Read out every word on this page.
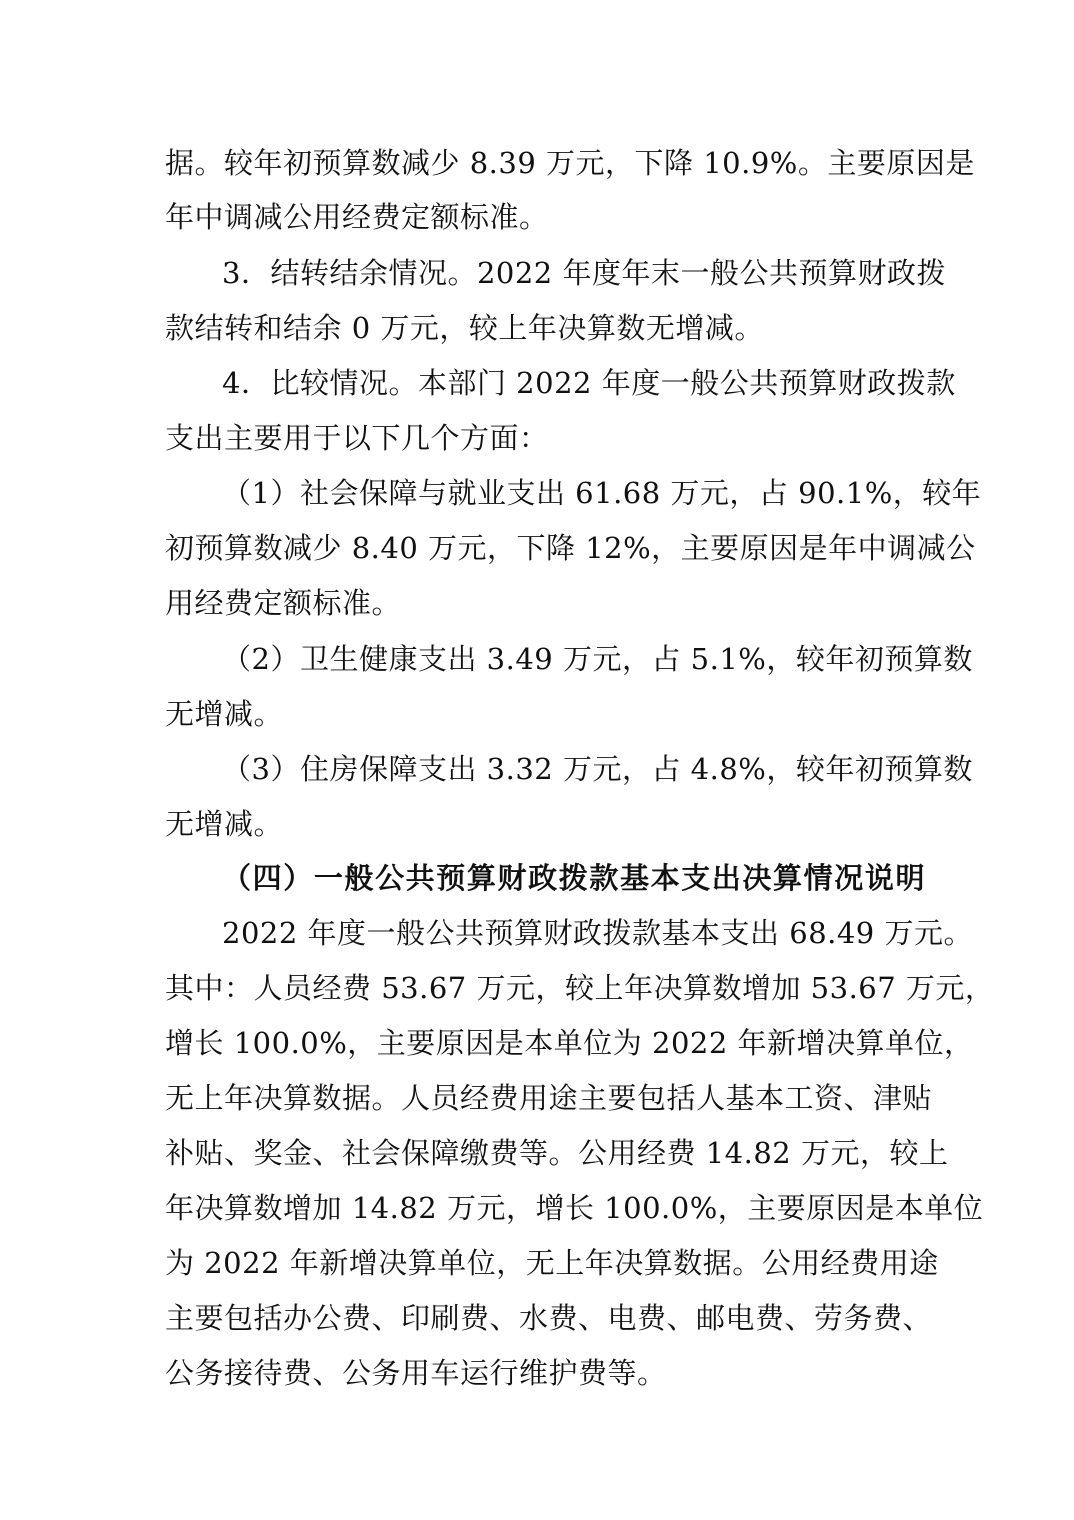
据。较年初预算数减少 8.39 万元，下降 10.9%。主要原因是
年中调减公用经费定额标准。
3．结转结余情况。2022 年度年末一般公共预算财政拨
款结转和结余 0 万元，较上年决算数无增减。
4．比较情况。本部门 2022 年度一般公共预算财政拨款
支出主要用于以下几个方面：
（1）社会保障与就业支出 61.68 万元，占 90.1%，较年
初预算数减少 8.40 万元，下降 12%，主要原因是年中调减公
用经费定额标准。
（2）卫生健康支出 3.49 万元，占 5.1%，较年初预算数
无增减。
（3）住房保障支出 3.32 万元，占 4.8%，较年初预算数
无增减。
（四）一般公共预算财政拨款基本支出决算情况说明
2022 年度一般公共预算财政拨款基本支出 68.49 万元。
其中：人员经费 53.67 万元，较上年决算数增加 53.67 万元，
增长 100.0%，主要原因是本单位为 2022 年新增决算单位，
无上年决算数据。人员经费用途主要包括人基本工资、津贴
补贴、奖金、社会保障缴费等。公用经费 14.82 万元，较上
年决算数增加 14.82 万元，增长 100.0%，主要原因是本单位
为 2022 年新增决算单位，无上年决算数据。公用经费用途
主要包括办公费、印刷费、水费、电费、邮电费、劳务费、
公务接待费、公务用车运行维护费等。
